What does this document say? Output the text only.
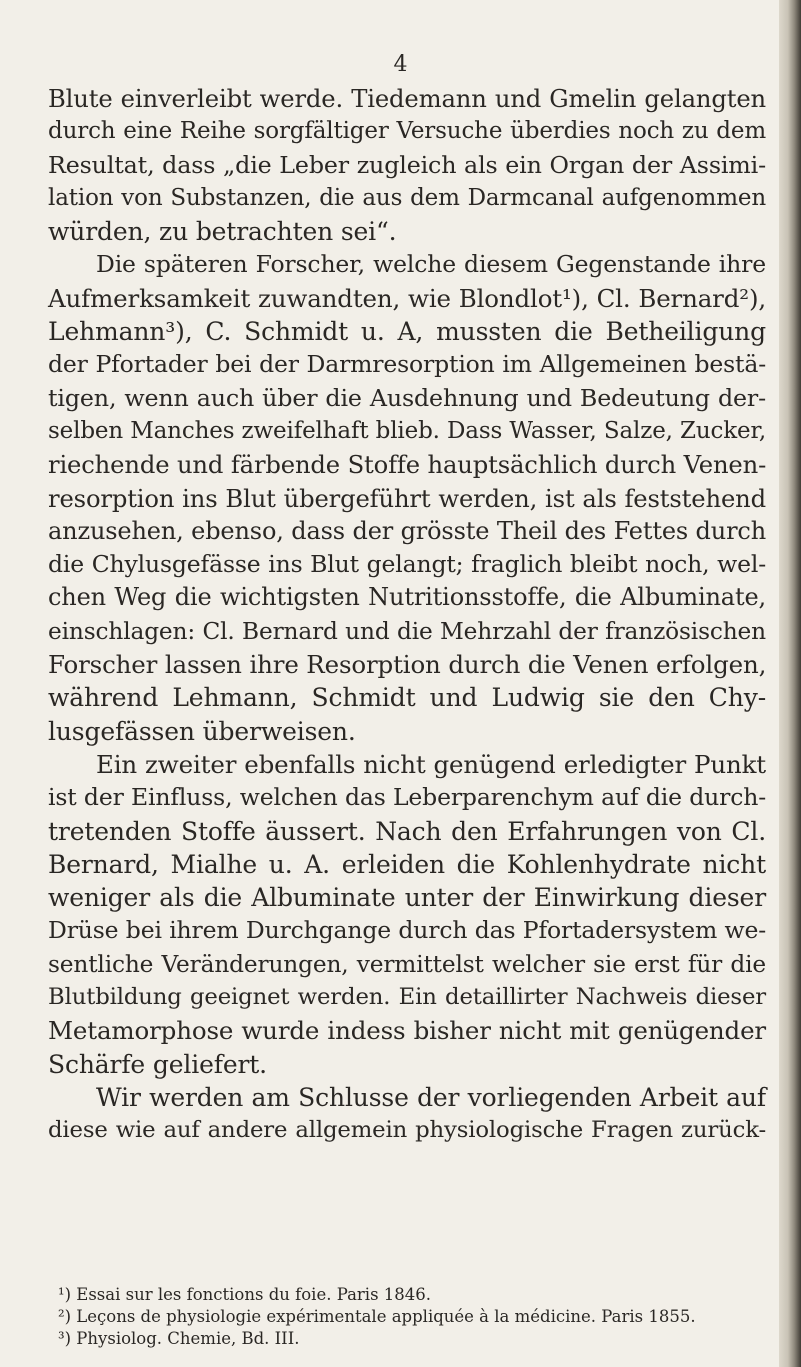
4
Blute einverleibt werde. Tiedemann und Gmelin gelangten
durch eine Reihe sorgfältiger Versuche überdies noch zu dem
Resultat, dass „die Leber zugleich als ein Organ der Assimi-
lation von Substanzen, die aus dem Darmcanal aufgenommen
würden, zu betrachten sei“.
Die späteren Forscher, welche diesem Gegenstande ihre
Aufmerksamkeit zuwandten, wie Blondlot¹), Cl. Bernard²),
Lehmann³), C. Schmidt u. A, mussten die Betheiligung
der Pfortader bei der Darmresorption im Allgemeinen bestä-
tigen, wenn auch über die Ausdehnung und Bedeutung der-
selben Manches zweifelhaft blieb. Dass Wasser, Salze, Zucker,
riechende und färbende Stoffe hauptsächlich durch Venen-
resorption ins Blut übergeführt werden, ist als feststehend
anzusehen, ebenso, dass der grösste Theil des Fettes durch
die Chylusgefässe ins Blut gelangt; fraglich bleibt noch, wel-
chen Weg die wichtigsten Nutritionsstoffe, die Albuminate,
einschlagen: Cl. Bernard und die Mehrzahl der französischen
Forscher lassen ihre Resorption durch die Venen erfolgen,
während Lehmann, Schmidt und Ludwig sie den Chy-
lusgefässen überweisen.
Ein zweiter ebenfalls nicht genügend erledigter Punkt
ist der Einfluss, welchen das Leberparenchym auf die durch-
tretenden Stoffe äussert. Nach den Erfahrungen von Cl.
Bernard, Mialhe u. A. erleiden die Kohlenhydrate nicht
weniger als die Albuminate unter der Einwirkung dieser
Drüse bei ihrem Durchgange durch das Pfortadersystem we-
sentliche Veränderungen, vermittelst welcher sie erst für die
Blutbildung geeignet werden. Ein detaillirter Nachweis dieser
Metamorphose wurde indess bisher nicht mit genügender
Schärfe geliefert.
Wir werden am Schlusse der vorliegenden Arbeit auf
diese wie auf andere allgemein physiologische Fragen zurück-
¹) Essai sur les fonctions du foie. Paris 1846.
²) Leçons de physiologie expérimentale appliquée à la médicine. Paris 1855.
³) Physiolog. Chemie, Bd. III.
